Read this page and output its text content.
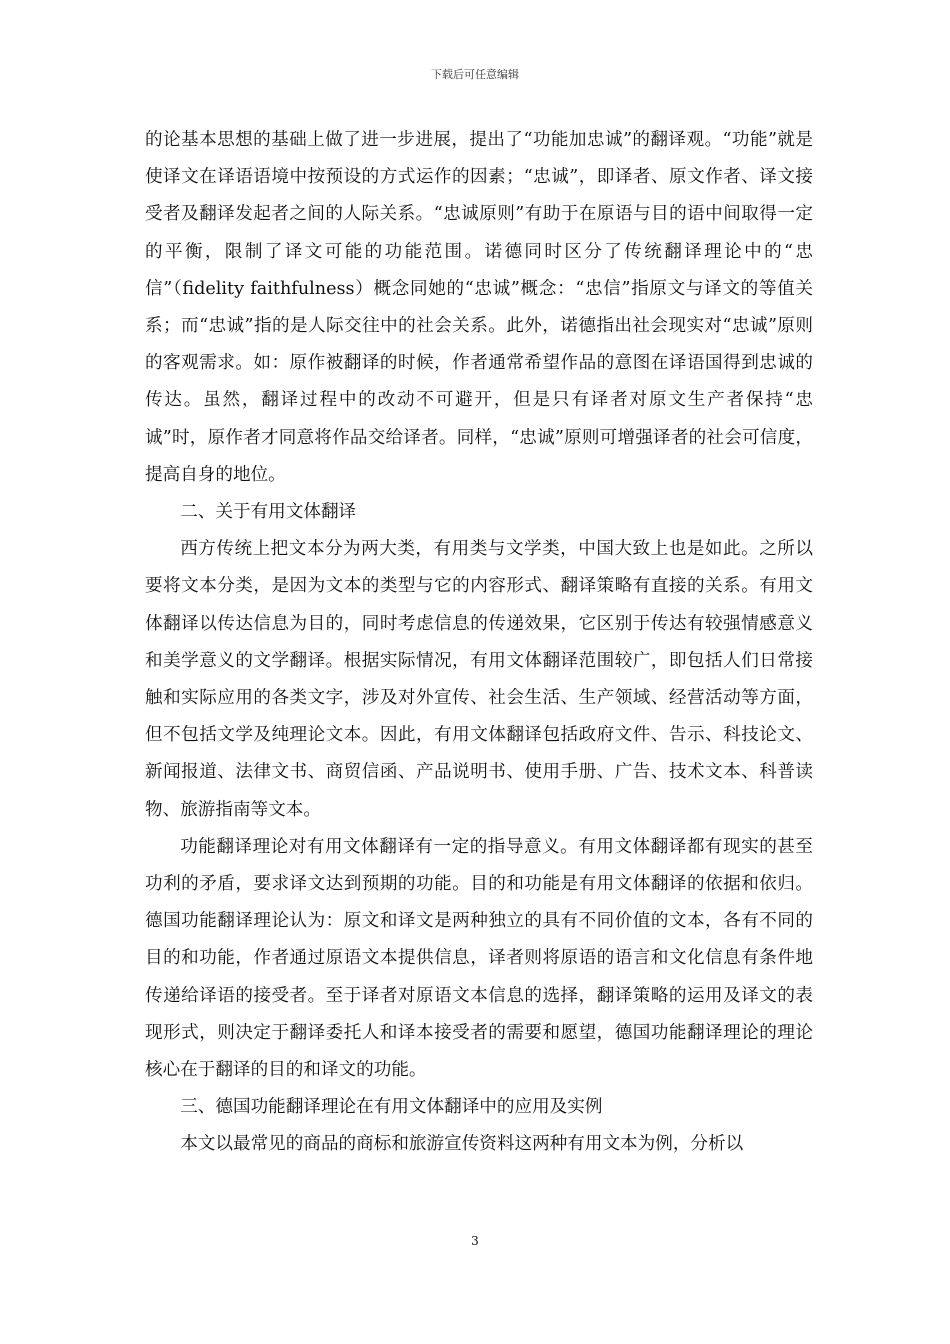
下载后可任意编辑

的论基本思想的基础上做了进一步进展，提出了“功能加忠诚”的翻译观。“功能”就是使译文在译语语境中按预设的方式运作的因素；“忠诚”，即译者、原文作者、译文接受者及翻译发起者之间的人际关系。“忠诚原则”有助于在原语与目的语中间取得一定的平衡，限制了译文可能的功能范围。诺德同时区分了传统翻译理论中的“忠信”（fidelity faithfulness）概念同她的“忠诚”概念：“忠信”指原文与译文的等值关系；而“忠诚”指的是人际交往中的社会关系。此外，诺德指出社会现实对“忠诚”原则的客观需求。如：原作被翻译的时候，作者通常希望作品的意图在译语国得到忠诚的传达。虽然，翻译过程中的改动不可避开，但是只有译者对原文生产者保持“忠诚”时，原作者才同意将作品交给译者。同样，“忠诚”原则可增强译者的社会可信度，提高自身的地位。

二、关于有用文体翻译

西方传统上把文本分为两大类，有用类与文学类，中国大致上也是如此。之所以要将文本分类，是因为文本的类型与它的内容形式、翻译策略有直接的关系。有用文体翻译以传达信息为目的，同时考虑信息的传递效果，它区别于传达有较强情感意义和美学意义的文学翻译。根据实际情况，有用文体翻译范围较广，即包括人们日常接触和实际应用的各类文字，涉及对外宣传、社会生活、生产领域、经营活动等方面，但不包括文学及纯理论文本。因此，有用文体翻译包括政府文件、告示、科技论文、新闻报道、法律文书、商贸信函、产品说明书、使用手册、广告、技术文本、科普读物、旅游指南等文本。

功能翻译理论对有用文体翻译有一定的指导意义。有用文体翻译都有现实的甚至功利的矛盾，要求译文达到预期的功能。目的和功能是有用文体翻译的依据和依归。德国功能翻译理论认为：原文和译文是两种独立的具有不同价值的文本，各有不同的目的和功能，作者通过原语文本提供信息，译者则将原语的语言和文化信息有条件地传递给译语的接受者。至于译者对原语文本信息的选择，翻译策略的运用及译文的表现形式，则决定于翻译委托人和译本接受者的需要和愿望，德国功能翻译理论的理论核心在于翻译的目的和译文的功能。

三、德国功能翻译理论在有用文体翻译中的应用及实例

本文以最常见的商品的商标和旅游宣传资料这两种有用文本为例，分析以

3
